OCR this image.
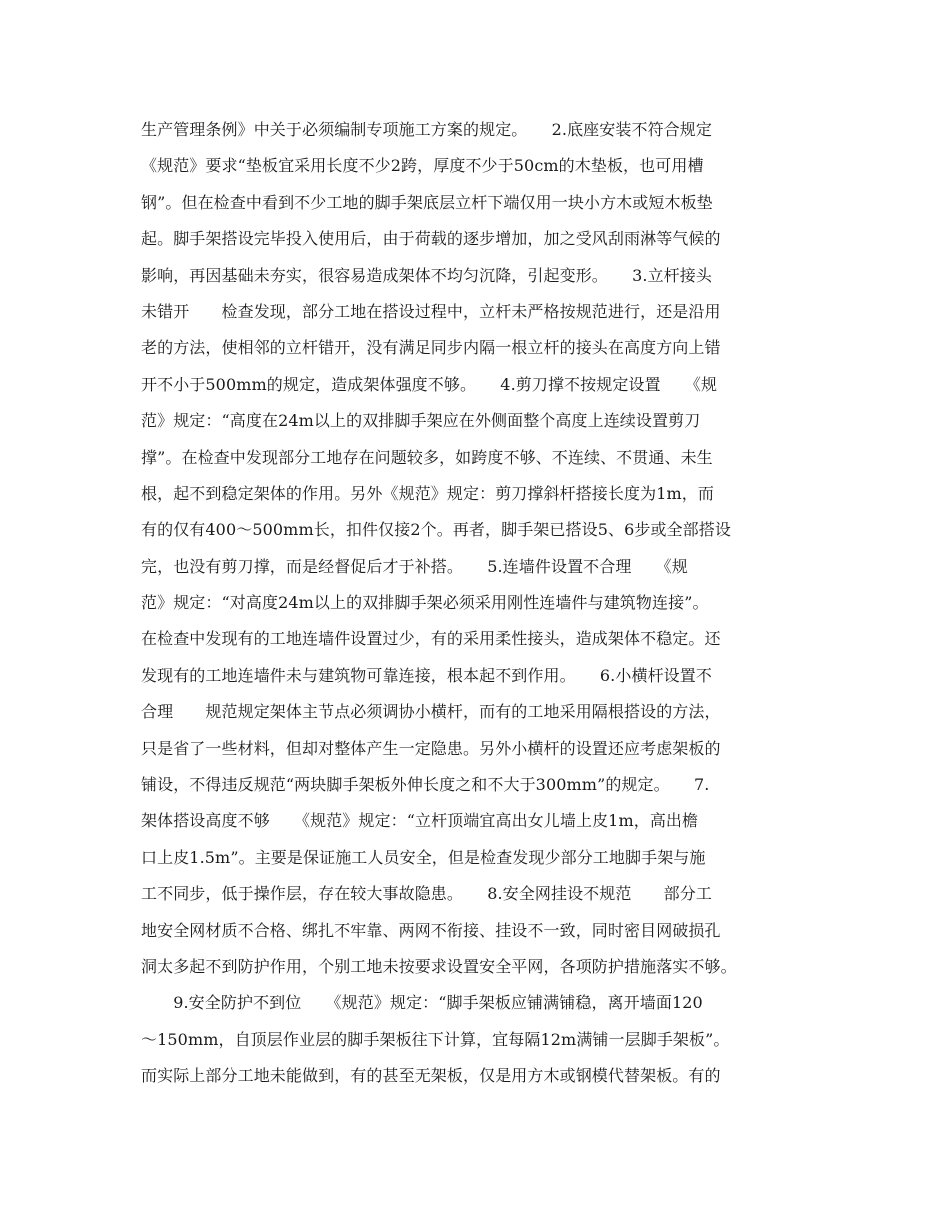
生产管理条例》中关于必须编制专项施工方案的规定。　　2.底座安装不符合规定
《规范》要求“垫板宜采用长度不少2跨，厚度不少于50cm的木垫板，也可用槽
钢”。但在检查中看到不少工地的脚手架底层立杆下端仅用一块小方木或短木板垫
起。脚手架搭设完毕投入使用后，由于荷载的逐步增加，加之受风刮雨淋等气候的
影响，再因基础未夯实，很容易造成架体不均匀沉降，引起变形。　　3.立杆接头
未错开　　检查发现，部分工地在搭设过程中，立杆未严格按规范进行，还是沿用
老的方法，使相邻的立杆错开，没有满足同步内隔一根立杆的接头在高度方向上错
开不小于500mm的规定，造成架体强度不够。　　4.剪刀撑不按规定设置　　《规
范》规定：“高度在24m以上的双排脚手架应在外侧面整个高度上连续设置剪刀
撑”。在检查中发现部分工地存在问题较多，如跨度不够、不连续、不贯通、未生
根，起不到稳定架体的作用。另外《规范》规定：剪刀撑斜杆搭接长度为1m，而
有的仅有400～500mm长，扣件仅接2个。再者，脚手架已搭设5、6步或全部搭设
完，也没有剪刀撑，而是经督促后才于补搭。　　5.连墙件设置不合理　　《规
范》规定：“对高度24m以上的双排脚手架必须采用刚性连墙件与建筑物连接”。
在检查中发现有的工地连墙件设置过少，有的采用柔性接头，造成架体不稳定。还
发现有的工地连墙件未与建筑物可靠连接，根本起不到作用。　　6.小横杆设置不
合理　　规范规定架体主节点必须调协小横杆，而有的工地采用隔根搭设的方法，
只是省了一些材料，但却对整体产生一定隐患。另外小横杆的设置还应考虑架板的
铺设，不得违反规范“两块脚手架板外伸长度之和不大于300mm”的规定。　　7.
架体搭设高度不够　　《规范》规定：“立杆顶端宜高出女儿墙上皮1m，高出檐
口上皮1.5m”。主要是保证施工人员安全，但是检查发现少部分工地脚手架与施
工不同步，低于操作层，存在较大事故隐患。　　8.安全网挂设不规范　　部分工
地安全网材质不合格、绑扎不牢靠、两网不衔接、挂设不一致，同时密目网破损孔
洞太多起不到防护作用，个别工地未按要求设置安全平网，各项防护措施落实不够。
　　9.安全防护不到位　　《规范》规定：“脚手架板应铺满铺稳，离开墙面120
～150mm，自顶层作业层的脚手架板往下计算，宜每隔12m满铺一层脚手架板”。
而实际上部分工地未能做到，有的甚至无架板，仅是用方木或钢模代替架板。有的
